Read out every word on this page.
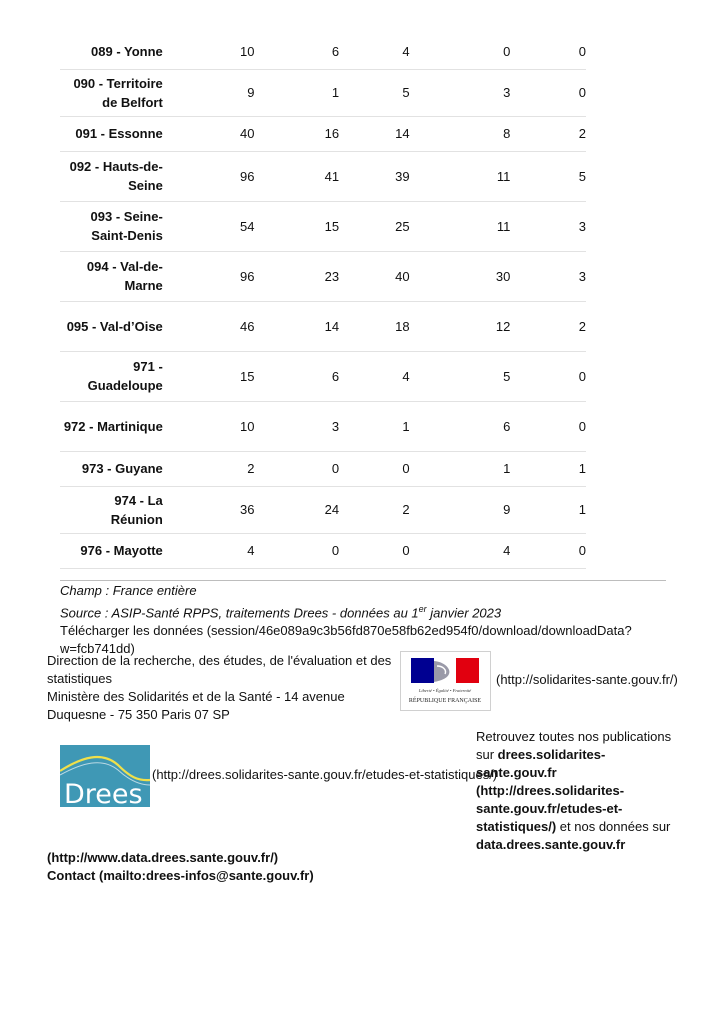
089 - Yonne	10	6	4	0	0
090 - Territoire de Belfort	9	1	5	3	0
091 - Essonne	40	16	14	8	2
092 - Hauts-de-Seine	96	41	39	11	5
093 - Seine-Saint-Denis	54	15	25	11	3
094 - Val-de-Marne	96	23	40	30	3
095 - Val-d’Oise	46	14	18	12	2
971 - Guadeloupe	15	6	4	5	0
972 - Martinique	10	3	1	6	0
973 - Guyane	2	0	0	1	1
974 - La Réunion	36	24	2	9	1
976 - Mayotte	4	0	0	4	0
Champ : France entière
Source : ASIP-Santé RPPS, traitements Drees - données au 1er janvier 2023
Télécharger les données (session/46e089a9c3b56fd870e58fb62ed954f0/download/downloadData?w=fcb741dd)
Direction de la recherche, des études, de l'évaluation et des statistiques
Ministère des Solidarités et de la Santé - 14 avenue Duquesne - 75 350 Paris 07 SP
Liberté • Égalité • Fraternité
RÉPUBLIQUE FRANÇAISE
(http://solidarites-sante.gouv.fr/)
Drees
(http://drees.solidarites-sante.gouv.fr/etudes-et-statistiques/)
Retrouvez toutes nos publications sur drees.solidarites-sante.gouv.fr (http://drees.solidarites-sante.gouv.fr/etudes-et-statistiques/) et nos données sur data.drees.sante.gouv.fr
(http://www.data.drees.sante.gouv.fr/)
Contact (mailto:drees-infos@sante.gouv.fr)
